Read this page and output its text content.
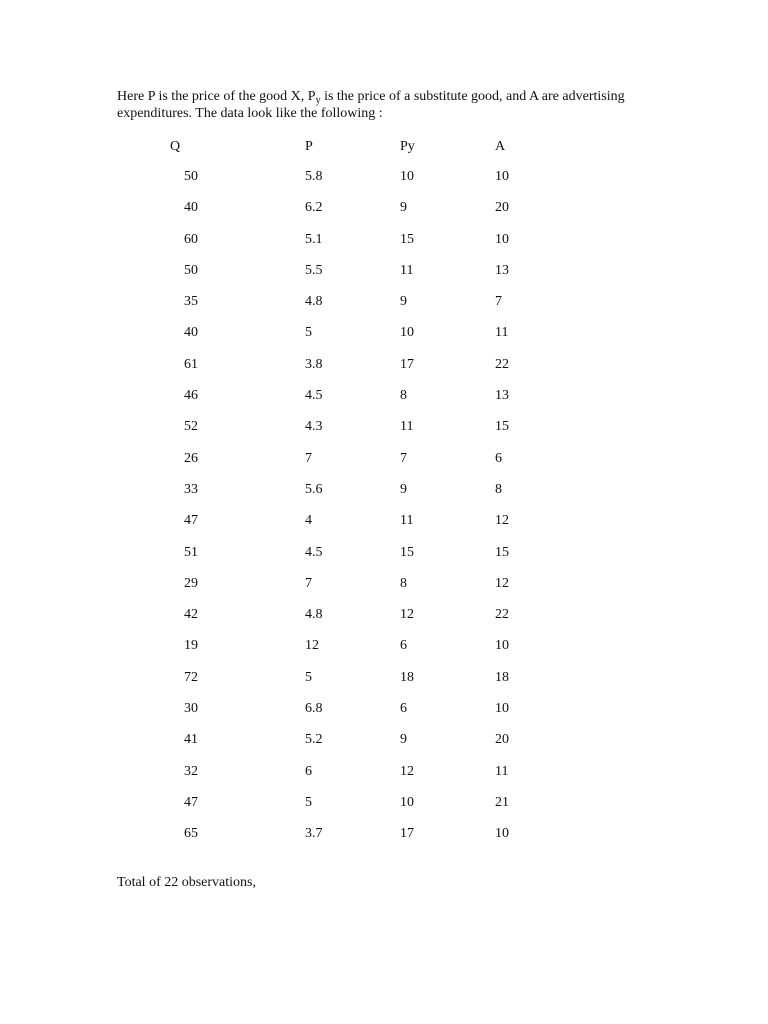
Here P is the price of the good X, $P_y$ is the price of a substitute good, and A are advertising expenditures. The data look like the following :

Q	P	Py	A
50	5.8	10	10
40	6.2	9	20
60	5.1	15	10
50	5.5	11	13
35	4.8	9	7
40	5	10	11
61	3.8	17	22
46	4.5	8	13
52	4.3	11	15
26	7	7	6
33	5.6	9	8
47	4	11	12
51	4.5	15	15
29	7	8	12
42	4.8	12	22
19	12	6	10
72	5	18	18
30	6.8	6	10
41	5.2	9	20
32	6	12	11
47	5	10	21
65	3.7	17	10

Total of 22 observations,
